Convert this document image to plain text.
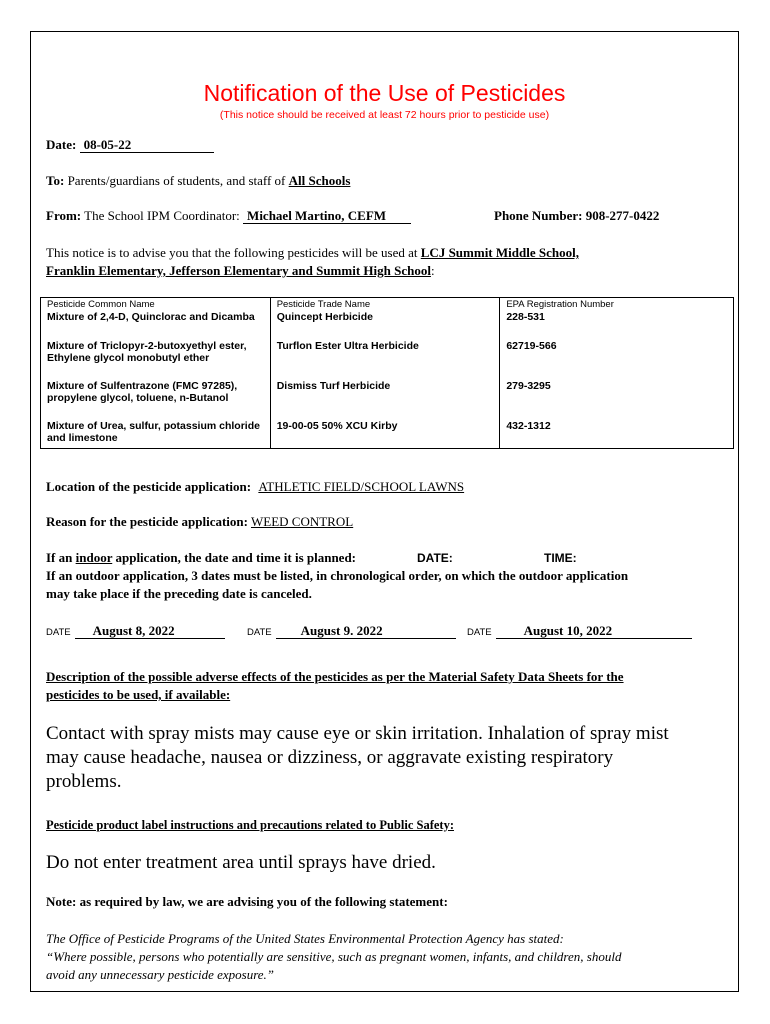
Notification of the Use of Pesticides
(This notice should be received at least 72 hours prior to pesticide use)
Date: 08-05-22
To: Parents/guardians of students, and staff of All Schools
From: The School IPM Coordinator: Michael Martino, CEFM	Phone Number: 908-277-0422
This notice is to advise you that the following pesticides will be used at LCJ Summit Middle School,
Franklin Elementary, Jefferson Elementary and Summit High School:
Pesticide Common Name	Pesticide Trade Name	EPA Registration Number
Mixture of 2,4-D, Quinclorac and Dicamba	Quincept Herbicide	228-531
Mixture of Triclopyr-2-butoxyethyl ester, Ethylene glycol monobutyl ether	Turflon Ester Ultra Herbicide	62719-566
Mixture of Sulfentrazone (FMC 97285), propylene glycol, toluene, n-Butanol	Dismiss Turf Herbicide	279-3295
Mixture of Urea, sulfur, potassium chloride and limestone	19-00-05 50% XCU Kirby	432-1312
Location of the pesticide application: ATHLETIC FIELD/SCHOOL LAWNS
Reason for the pesticide application: WEED CONTROL
If an indoor application, the date and time it is planned:	DATE:	TIME:
If an outdoor application, 3 dates must be listed, in chronological order, on which the outdoor application
may take place if the preceding date is canceled.
DATE August 8, 2022	DATE August 9. 2022	DATE August 10, 2022
Description of the possible adverse effects of the pesticides as per the Material Safety Data Sheets for the
pesticides to be used, if available:
Contact with spray mists may cause eye or skin irritation. Inhalation of spray mist
may cause headache, nausea or dizziness, or aggravate existing respiratory
problems.
Pesticide product label instructions and precautions related to Public Safety:
Do not enter treatment area until sprays have dried.
Note: as required by law, we are advising you of the following statement:
The Office of Pesticide Programs of the United States Environmental Protection Agency has stated:
“Where possible, persons who potentially are sensitive, such as pregnant women, infants, and children, should
avoid any unnecessary pesticide exposure.”
